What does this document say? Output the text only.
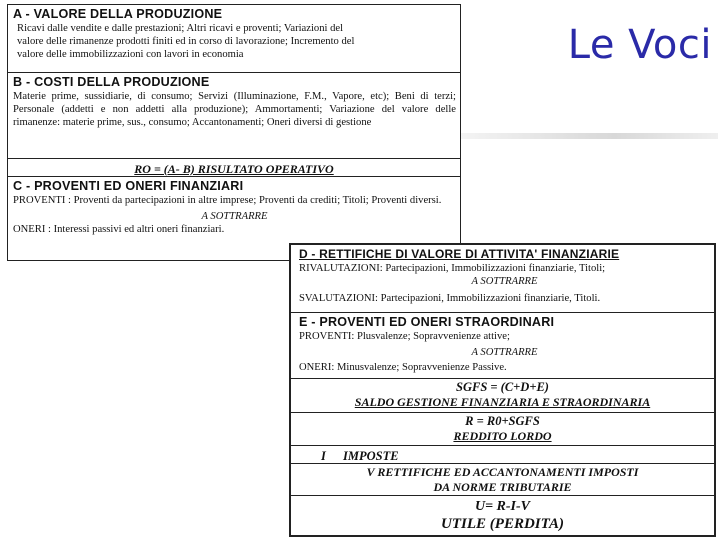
Le Voci
A - VALORE DELLA PRODUZIONE
Ricavi dalle vendite e dalle prestazioni; Altri ricavi e proventi; Variazioni del
valore delle rimanenze prodotti finiti ed in corso di lavorazione; Incremento del
valore delle immobilizzazioni con lavori in economia
B - COSTI DELLA PRODUZIONE
Materie prime, sussidiarie, di consumo; Servizi (Illuminazione, F.M., Vapore, etc); Beni di terzi; Personale (addetti e non addetti alla produzione); Ammortamenti; Variazione del valore delle rimanenze: materie prime, sus., consumo; Accantonamenti; Oneri diversi di gestione
RO = (A- B) RISULTATO OPERATIVO
C - PROVENTI ED ONERI FINANZIARI
PROVENTI : Proventi da partecipazioni in altre imprese; Proventi da crediti; Titoli; Proventi diversi.
A SOTTRARRE
ONERI : Interessi passivi ed altri oneri finanziari.
D - RETTIFICHE DI VALORE DI ATTIVITA' FINANZIARIE
RIVALUTAZIONI: Partecipazioni, Immobilizzazioni finanziarie, Titoli;
A SOTTRARRE
SVALUTAZIONI: Partecipazioni, Immobilizzazioni finanziarie, Titoli.
E - PROVENTI ED ONERI STRAORDINARI
PROVENTI: Plusvalenze; Sopravvenienze attive;
A SOTTRARRE
ONERI: Minusvalenze; Sopravvenienze Passive.
SGFS = (C+D+E)
SALDO GESTIONE FINANZIARIA E STRAORDINARIA
R = R0+SGFS
REDDITO LORDO
I IMPOSTE
V RETTIFICHE ED ACCANTONAMENTI IMPOSTI
DA NORME TRIBUTARIE
U= R-I-V
UTILE (PERDITA)
